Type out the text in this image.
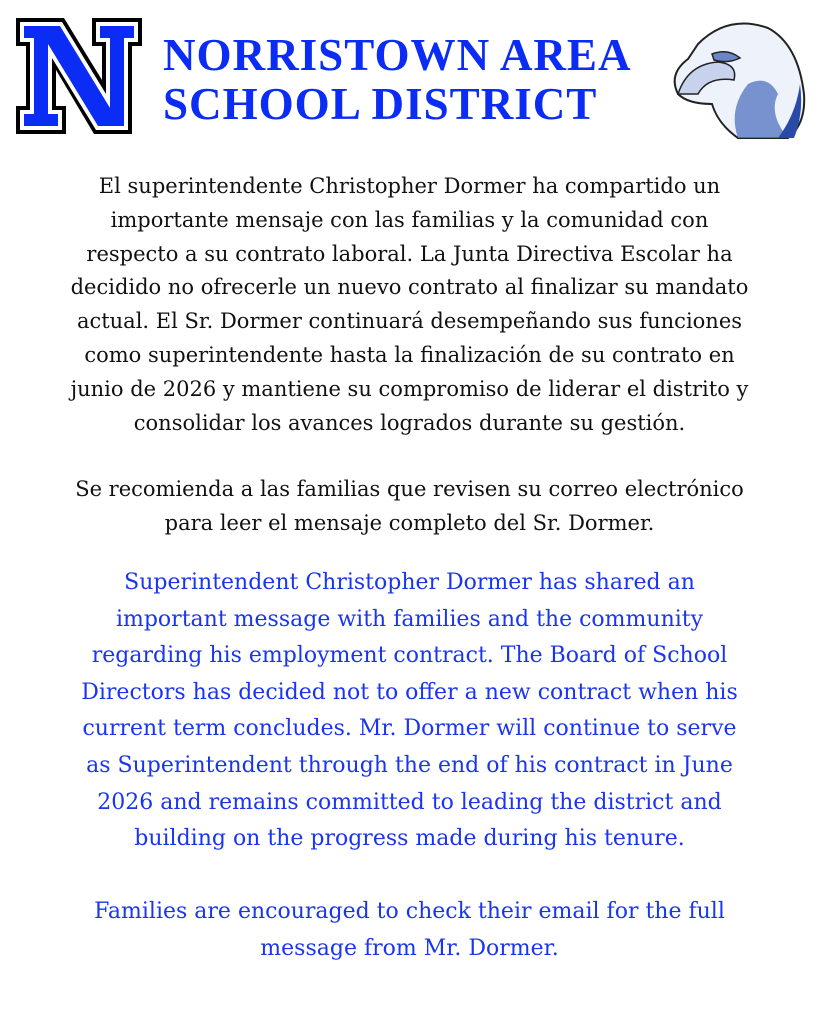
NORRISTOWN AREA
SCHOOL DISTRICT
El superintendente Christopher Dormer ha compartido un
importante mensaje con las familias y la comunidad con
respecto a su contrato laboral. La Junta Directiva Escolar ha
decidido no ofrecerle un nuevo contrato al finalizar su mandato
actual. El Sr. Dormer continuará desempeñando sus funciones
como superintendente hasta la finalización de su contrato en
junio de 2026 y mantiene su compromiso de liderar el distrito y
consolidar los avances logrados durante su gestión.
Se recomienda a las familias que revisen su correo electrónico
para leer el mensaje completo del Sr. Dormer.
Superintendent Christopher Dormer has shared an
important message with families and the community
regarding his employment contract. The Board of School
Directors has decided not to offer a new contract when his
current term concludes. Mr. Dormer will continue to serve
as Superintendent through the end of his contract in June
2026 and remains committed to leading the district and
building on the progress made during his tenure.
Families are encouraged to check their email for the full
message from Mr. Dormer.
